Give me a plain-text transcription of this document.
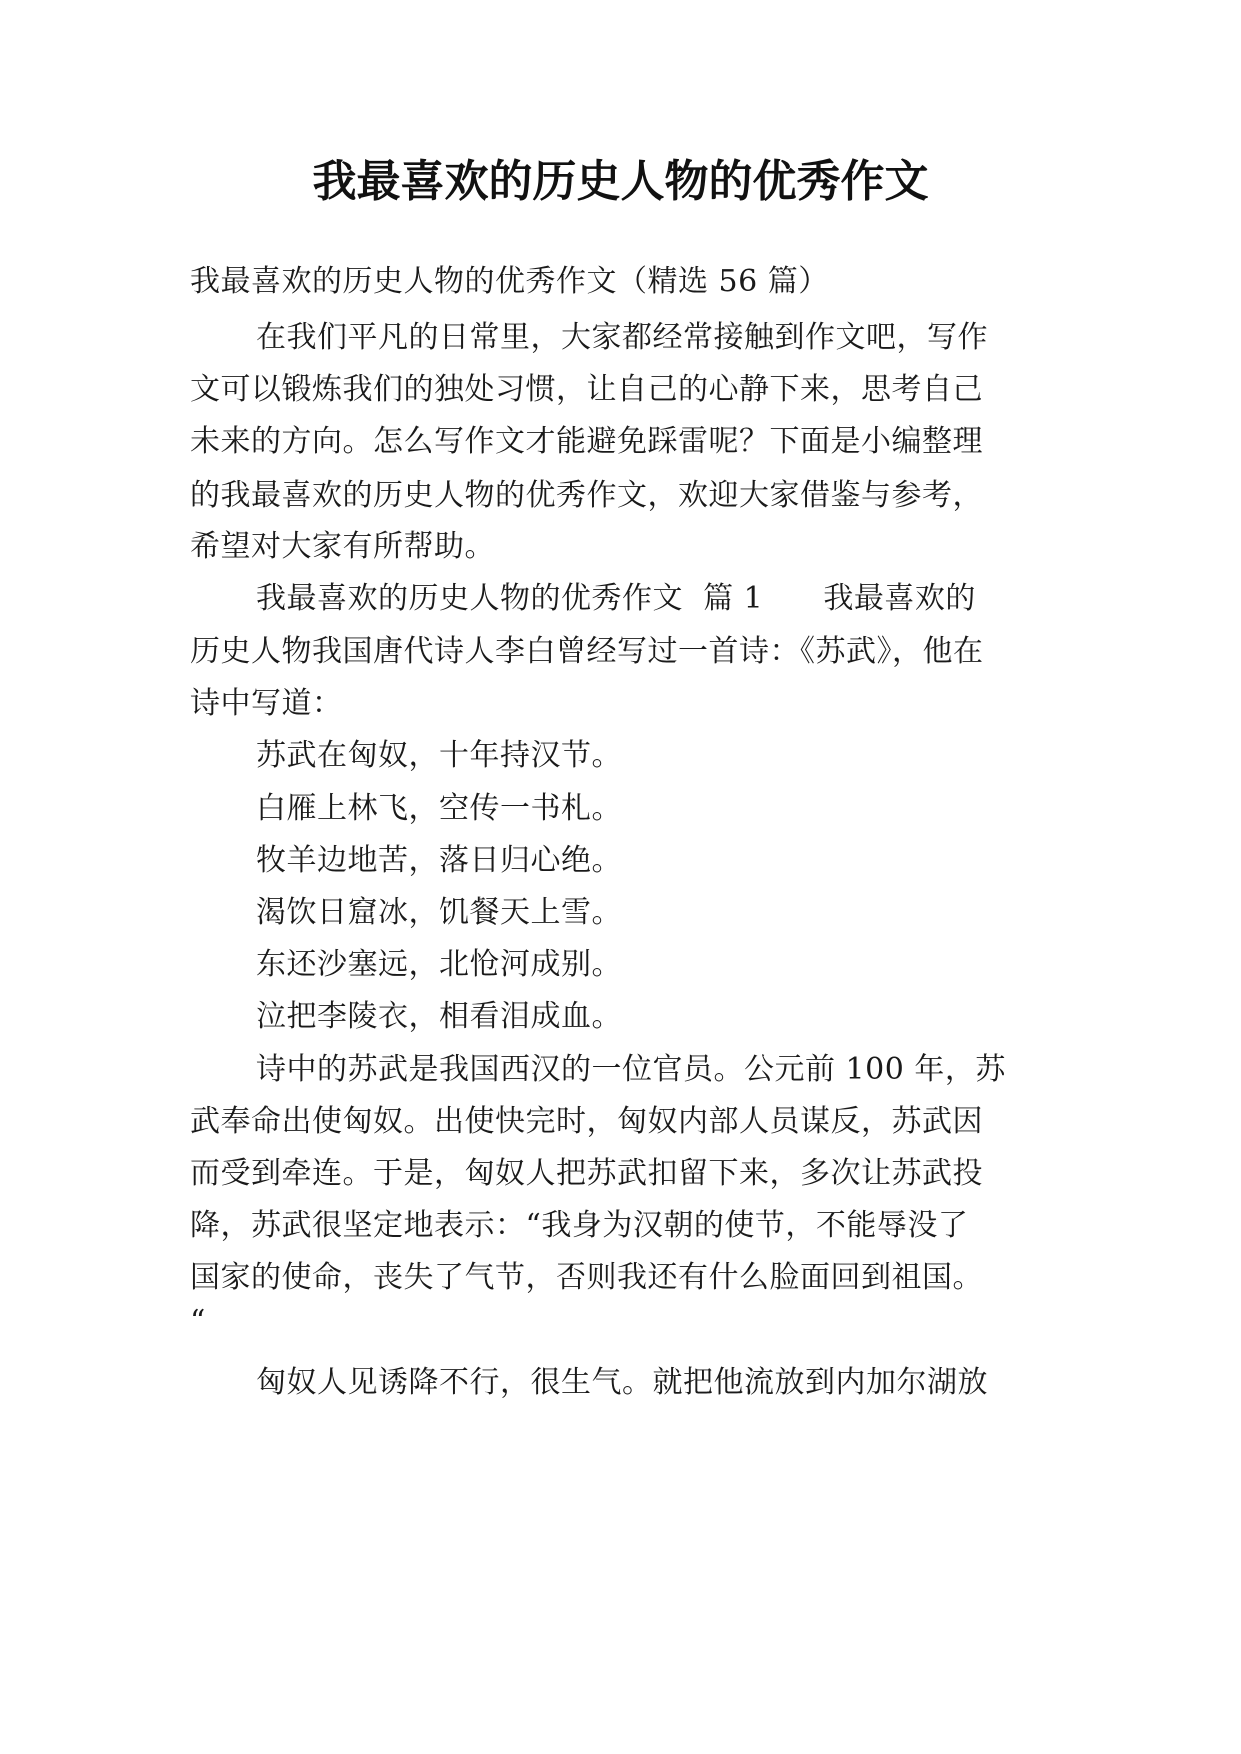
我最喜欢的历史人物的优秀作文
我最喜欢的历史人物的优秀作文（精选 56 篇）
在我们平凡的日常里，大家都经常接触到作文吧，写作
文可以锻炼我们的独处习惯，让自己的心静下来，思考自己
未来的方向。怎么写作文才能避免踩雷呢？下面是小编整理
的我最喜欢的历史人物的优秀作文，欢迎大家借鉴与参考，
希望对大家有所帮助。
我最喜欢的历史人物的优秀作文  篇 1      我最喜欢的
历史人物我国唐代诗人李白曾经写过一首诗：《苏武》，他在
诗中写道：
苏武在匈奴，十年持汉节。
白雁上林飞，空传一书札。
牧羊边地苦，落日归心绝。
渴饮日窟冰，饥餐天上雪。
东还沙塞远，北怆河成别。
泣把李陵衣，相看泪成血。
诗中的苏武是我国西汉的一位官员。公元前 100 年，苏
武奉命出使匈奴。出使快完时，匈奴内部人员谋反，苏武因
而受到牵连。于是，匈奴人把苏武扣留下来，多次让苏武投
降，苏武很坚定地表示：“我身为汉朝的使节，不能辱没了
国家的使命，丧失了气节，否则我还有什么脸面回到祖国。
“
匈奴人见诱降不行，很生气。就把他流放到内加尔湖放
